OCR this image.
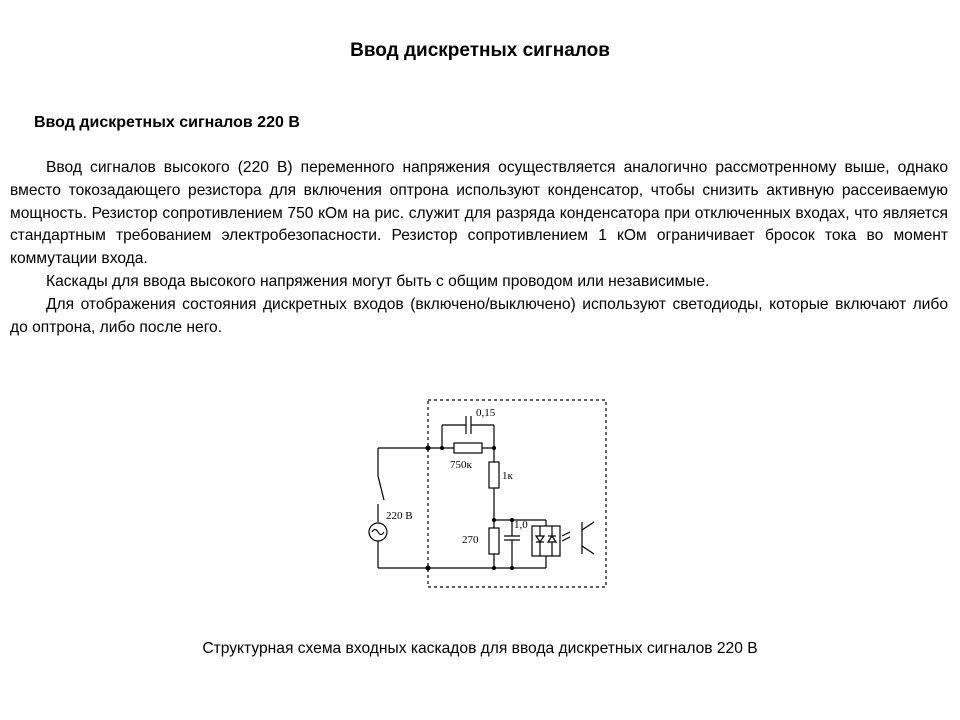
Ввод дискретных сигналов
Ввод дискретных сигналов 220 В

Ввод сигналов высокого (220 В) переменного напряжения осуществляется аналогично рассмотренному выше, однако вместо токозадающего резистора для включения оптрона используют конденсатор, чтобы снизить активную рассеиваемую мощность. Резистор сопротивлением 750 кОм на рис. служит для разряда конденсатора при отключенных входах, что является стандартным требованием электробезопасности. Резистор сопротивлением 1 кОм ограничивает бросок тока во момент коммутации входа.

Каскады для ввода высокого напряжения могут быть с общим проводом или независимые.

Для отображения состояния дискретных входов (включено/выключено) используют светодиоды, которые включают либо до оптрона, либо после него.

0,15
750к
1к
220 В
270
1,0
Структурная схема входных каскадов для ввода дискретных сигналов 220 В
